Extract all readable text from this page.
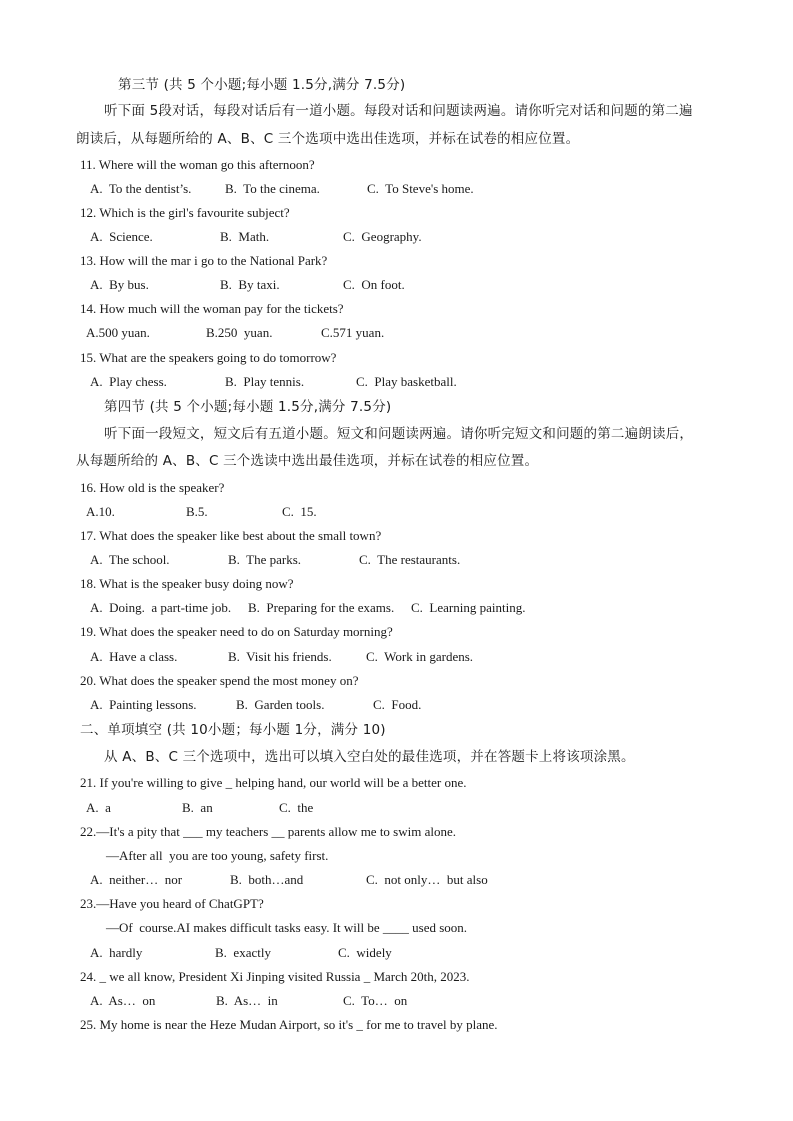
第三节 (共 5 个小题;每小题 1.5分,满分 7.5分)
听下面 5段对话，每段对话后有一道小题。每段对话和问题读两遍。请你听完对话和问题的第二遍
朗读后，从每题所给的 A、B、C 三个选项中选出佳选项，并标在试卷的相应位置。
11. Where will the woman go this afternoon?
A.  To the dentist’s.	B.  To the cinema.	C.  To Steve's home.
12. Which is the girl's favourite subject?
A.  Science.	B.  Math.	C.  Geography.
13. How will the mar i go to the National Park?
A.  By bus.	B.  By taxi.	C.  On foot.
14. How much will the woman pay for the tickets?
A.500 yuan.	B.250  yuan.	C.571 yuan.
15. What are the speakers going to do tomorrow?
A.  Play chess.	B.  Play tennis.	C.  Play basketball.
第四节 (共 5 个小题;每小题 1.5分,满分 7.5分)
听下面一段短文，短文后有五道小题。短文和问题读两遍。请你听完短文和问题的第二遍朗读后，
从每题所给的 A、B、C 三个选读中选出最佳选项，并标在试卷的相应位置。
16. How old is the speaker?
A.10.	B.5.	C.  15.
17. What does the speaker like best about the small town?
A.  The school.	B.  The parks.	C.  The restaurants.
18. What is the speaker busy doing now?
A.  Doing.  a part-time job. B.  Preparing for the exams. C.  Learning painting.
19. What does the speaker need to do on Saturday morning?
A.  Have a class.	B.  Visit his friends.	C.  Work in gardens.
20. What does the speaker spend the most money on?
A.  Painting lessons.	B.  Garden tools.	C.  Food.
二、单项填空 (共 10小题；每小题 1分，满分 10)
从 A、B、C 三个选项中，选出可以填入空白处的最佳选项，并在答题卡上将该项涂黑。
21. If you're willing to give _ helping hand, our world will be a better one.
A.  a	B.  an	C.  the
22.—It's a pity that ___ my teachers __ parents allow me to swim alone.
—After all  you are too young, safety first.
A.  neither…  nor	B.  both…and	C.  not only…  but also
23.—Have you heard of ChatGPT?
—Of  course.AI makes difficult tasks easy. It will be ____ used soon.
A.  hardly	B.  exactly	C.  widely
24. _ we all know, President Xi Jinping visited Russia _ March 20th, 2023.
A.  As…  on	B.  As…  in	C.  To…  on
25. My home is near the Heze Mudan Airport, so it's _ for me to travel by plane.
